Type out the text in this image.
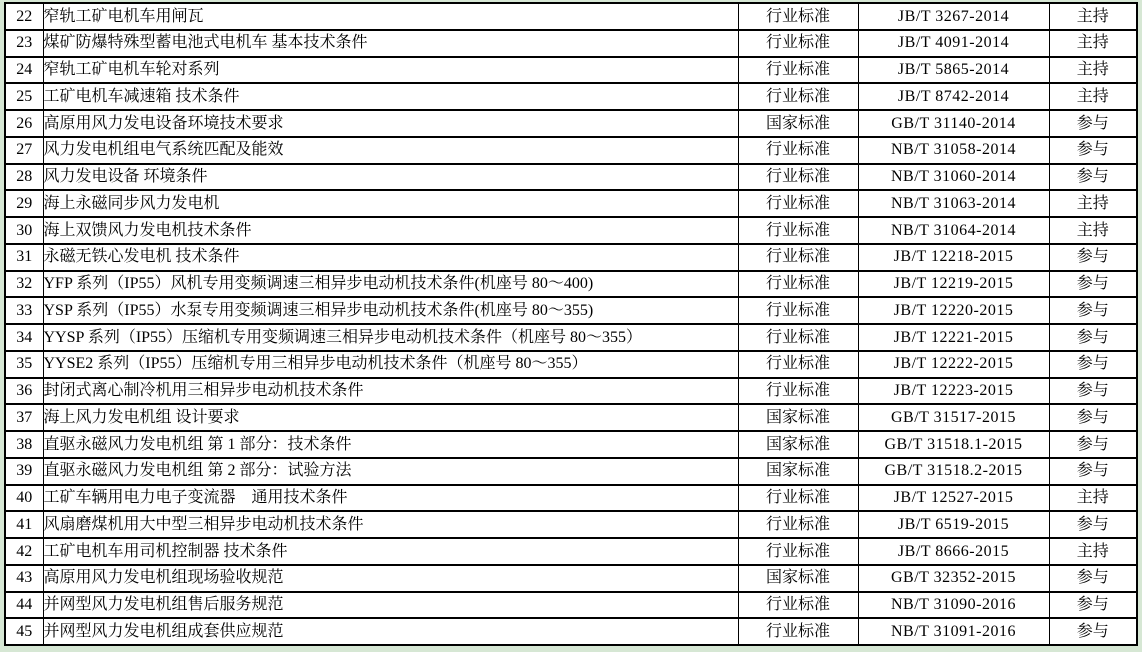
22	窄轨工矿电机车用闸瓦	行业标准	JB/T 3267-2014	主持
23	煤矿防爆特殊型蓄电池式电机车 基本技术条件	行业标准	JB/T 4091-2014	主持
24	窄轨工矿电机车轮对系列	行业标准	JB/T 5865-2014	主持
25	工矿电机车减速箱 技术条件	行业标准	JB/T 8742-2014	主持
26	高原用风力发电设备环境技术要求	国家标准	GB/T 31140-2014	参与
27	风力发电机组电气系统匹配及能效	行业标准	NB/T 31058-2014	参与
28	风力发电设备 环境条件	行业标准	NB/T 31060-2014	参与
29	海上永磁同步风力发电机	行业标准	NB/T 31063-2014	主持
30	海上双馈风力发电机技术条件	行业标准	NB/T 31064-2014	主持
31	永磁无铁心发电机 技术条件	行业标准	JB/T 12218-2015	参与
32	YFP 系列（IP55）风机专用变频调速三相异步电动机技术条件(机座号 80～400)	行业标准	JB/T 12219-2015	参与
33	YSP 系列（IP55）水泵专用变频调速三相异步电动机技术条件(机座号 80～355)	行业标准	JB/T 12220-2015	参与
34	YYSP 系列（IP55）压缩机专用变频调速三相异步电动机技术条件（机座号 80～355）	行业标准	JB/T 12221-2015	参与
35	YYSE2 系列（IP55）压缩机专用三相异步电动机技术条件（机座号 80～355）	行业标准	JB/T 12222-2015	参与
36	封闭式离心制冷机用三相异步电动机技术条件	行业标准	JB/T 12223-2015	参与
37	海上风力发电机组 设计要求	国家标准	GB/T 31517-2015	参与
38	直驱永磁风力发电机组 第 1 部分：技术条件	国家标准	GB/T 31518.1-2015	参与
39	直驱永磁风力发电机组 第 2 部分：试验方法	国家标准	GB/T 31518.2-2015	参与
40	工矿车辆用电力电子变流器　通用技术条件	行业标准	JB/T 12527-2015	主持
41	风扇磨煤机用大中型三相异步电动机技术条件	行业标准	JB/T 6519-2015	参与
42	工矿电机车用司机控制器 技术条件	行业标准	JB/T 8666-2015	主持
43	高原用风力发电机组现场验收规范	国家标准	GB/T 32352-2015	参与
44	并网型风力发电机组售后服务规范	行业标准	NB/T 31090-2016	参与
45	并网型风力发电机组成套供应规范	行业标准	NB/T 31091-2016	参与
